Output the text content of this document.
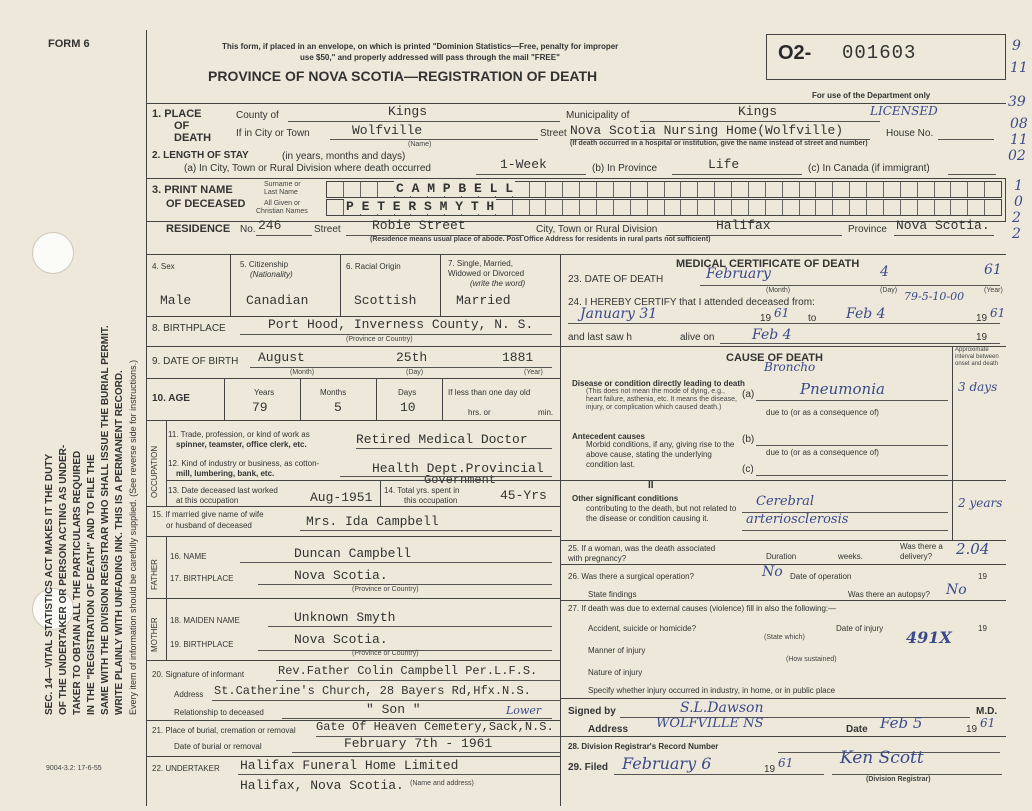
FORM 6
9004-3.2: 17-6-55
SEC. 14—VITAL STATISTICS ACT MAKES IT THE DUTY OF THE UNDERTAKER OR PERSON ACTING AS UNDER- TAKER TO OBTAIN ALL THE PARTICULARS REQUIRED IN THE "REGISTRATION OF DEATH" AND TO FILE THE SAME WITH THE DIVISION REGISTRAR WHO SHALL ISSUE THE BURIAL PERMIT. WRITE PLAINLY WITH UNFADING INK. THIS IS A PERMANENT RECORD. Every item of information should be carefully supplied. (See reverse side for instructions.)
This form, if placed in an envelope, on which is printed "Dominion Statistics—Free, penalty for improper
use $50," and properly addressed will pass through the mail "FREE"
PROVINCE OF NOVA SCOTIA—REGISTRATION OF DEATH
O2- 001603
For use of the Department only
LICENSED
9
11
39
08
11
02
1
0
2
2
1. PLACE
OF
DEATH
County of	Kings	Municipality of	Kings
If in City or Town	Wolfville
(Name)
Street Nova Scotia Nursing Home(Wolfville)	House No.
(If death occurred in a hospital or institution, give the name instead of street and number)
2. LENGTH OF STAY	(in years, months and days)
(a) In City, Town or Rural Division where death occurred	1-Week	(b) In Province	Life	(c) In Canada (if immigrant)
3. PRINT NAME
OF DECEASED
Surname or
Last Name
All Given or
Christian Names
C A M P B E L L
P E T E R S M Y T H
RESIDENCE No. 246	Street Robie Street	City, Town or Rural Division	Halifax	Province Nova Scotia.
(Residence means usual place of abode. Post Office Address for residents in rural parts not sufficient)
4. Sex
Male
5. Citizenship
(Nationality)
Canadian
6. Racial Origin
Scottish
7. Single, Married,
Widowed or Divorced
(write the word)
Married
8. BIRTHPLACE	Port Hood, Inverness County, N. S.
(Province or Country)
9. DATE OF BIRTH August	25th	1881
(Month)	(Day)	(Year)
10. AGE
Years
79
Months
5
Days
10
If less than one day old
hrs. or	min.
OCCUPATION
11. Trade, profession, or kind of work as
spinner, teamster, office clerk, etc.	Retired Medical Doctor
12. Kind of industry or business, as cotton-
mill, lumbering, bank, etc.	Health Dept.Provincial
Government
13. Date deceased last worked
at this occupation	Aug-1951 14. Total yrs. spent in
this occupation	45-Yrs
15. If married give name of wife
or husband of deceased	Mrs. Ida Campbell
FATHER
16. NAME	Duncan Campbell
17. BIRTHPLACE	Nova Scotia.
(Province or Country)
MOTHER 18. MAIDEN NAME	Unknown Smyth
19. BIRTHPLACE	Nova Scotia.
(Province or Country)
20. Signature of informant	Rev.Father Colin Campbell Per.L.F.S.
Address St.Catherine's Church, 28 Bayers Rd,Hfx.N.S.
Relationship to deceased	" Son "
21. Place of burial, cremation or removal Gate Of Heaven Cemetery,Sack,N.S.
Lower
Date of burial or removal	February 7th - 1961
22. UNDERTAKER Halifax Funeral Home Limited
Halifax, Nova Scotia. (Name and address)
MEDICAL CERTIFICATE OF DEATH
23. DATE OF DEATH	February	4	61
(Month)	(Day)	(Year)
24. I HEREBY CERTIFY that I attended deceased from:	79-5-10-00
January 31	19 61 to Feb 4	19 61
and last saw h	alive on	Feb 4	19
CAUSE OF DEATH
Approximate interval between onset and death
Disease or condition directly leading to death
(This does not mean the mode of dying, e.g., heart failure, asthenia, etc. It means the disease, injury, or complication which caused death.)
(a)
Broncho
Pneumonia	3 days
due to (or as a consequence of)
Antecedent causes
Morbid conditions, if any, giving rise to the above cause, stating the underlying condition last.
(b)
due to (or as a consequence of)
(c)
II
Other significant conditions
contributing to the death, but not related to the disease or condition causing it.
Cerebral
arteriosclerosis
2 years
25. If a woman, was the death associated with pregnancy?	Duration	weeks.
Was there a delivery?	2.04
26. Was there a surgical operation?	No Date of operation	19
State findings	Was there an autopsy? No
27. If death was due to external causes (violence) fill in also the following:—
Accident, suicide or homicide?
(State which)
Date of injury	19
Manner of injury
491X
(How sustained)
Nature of injury
Specify whether injury occurred in industry, in home, or in public place
Signed by	S.L.Dawson	M.D.
Address WOLFVILLE NS	Date Feb 5	19 61
28. Division Registrar's Record Number
29. Filed February 6	19 61	Ken Scott
(Division Registrar)
